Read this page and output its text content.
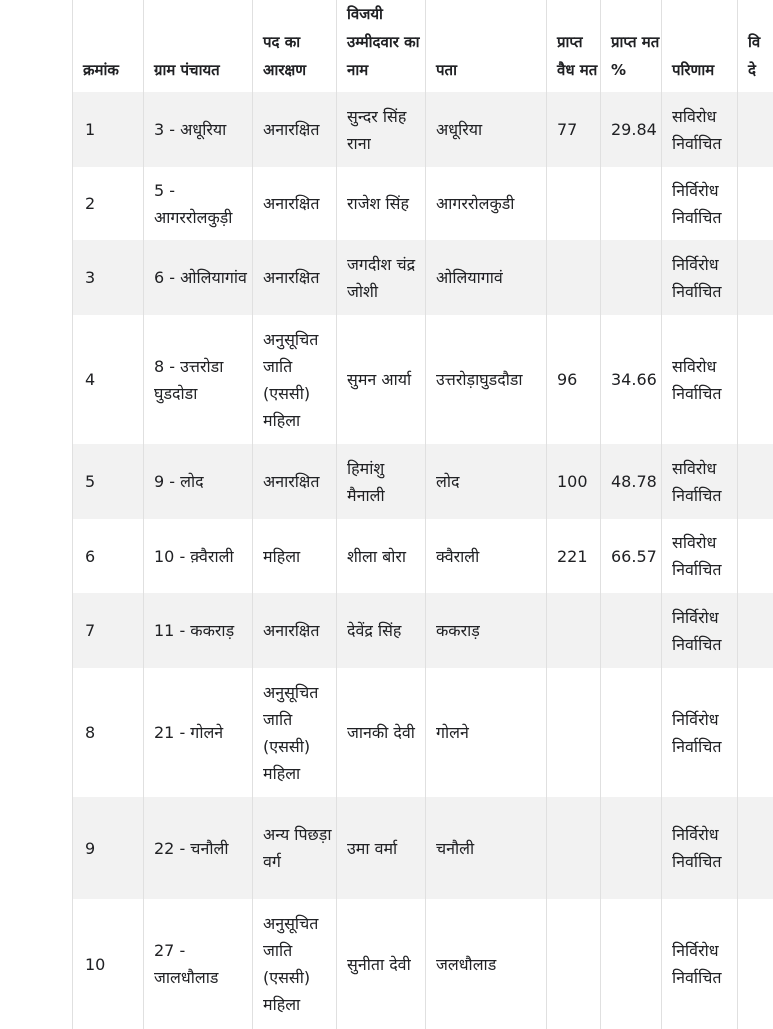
क्रमांक	ग्राम पंचायत	पद का आरक्षण	विजयी उम्मीदवार का नाम	पता	प्राप्त वैध मत	प्राप्त मत %	परिणाम	वि दे
1	3 - अधूरिया	अनारक्षित	सुन्दर सिंह राना	अधूरिया	77	29.84	सविरोध निर्वाचित	
2	5 - आगररोलकुड़ी	अनारक्षित	राजेश सिंह	आगररोलकुडी			निर्विरोध निर्वाचित	
3	6 - ओलियागांव	अनारक्षित	जगदीश चंद्र जोशी	ओलियागावं			निर्विरोध निर्वाचित	
4	8 - उत्तरोडा घुडदोडा	अनुसूचित जाति (एससी) महिला	सुमन आर्या	उत्तरोड़ाघुडदौडा	96	34.66	सविरोध निर्वाचित	
5	9 - लोद	अनारक्षित	हिमांशु मैनाली	लोद	100	48.78	सविरोध निर्वाचित	
6	10 - क़्वैराली	महिला	शीला बोरा	क्वैराली	221	66.57	सविरोध निर्वाचित	
7	11 - ककराड़	अनारक्षित	देवेंद्र सिंह	ककराड़			निर्विरोध निर्वाचित	
8	21 - गोलने	अनुसूचित जाति (एससी) महिला	जानकी देवी	गोलने			निर्विरोध निर्वाचित	
9	22 - चनौली	अन्य पिछड़ा वर्ग	उमा वर्मा	चनौली			निर्विरोध निर्वाचित	
10	27 - जालधौलाड	अनुसूचित जाति (एससी) महिला	सुनीता देवी	जलधौलाड			निर्विरोध निर्वाचित	
